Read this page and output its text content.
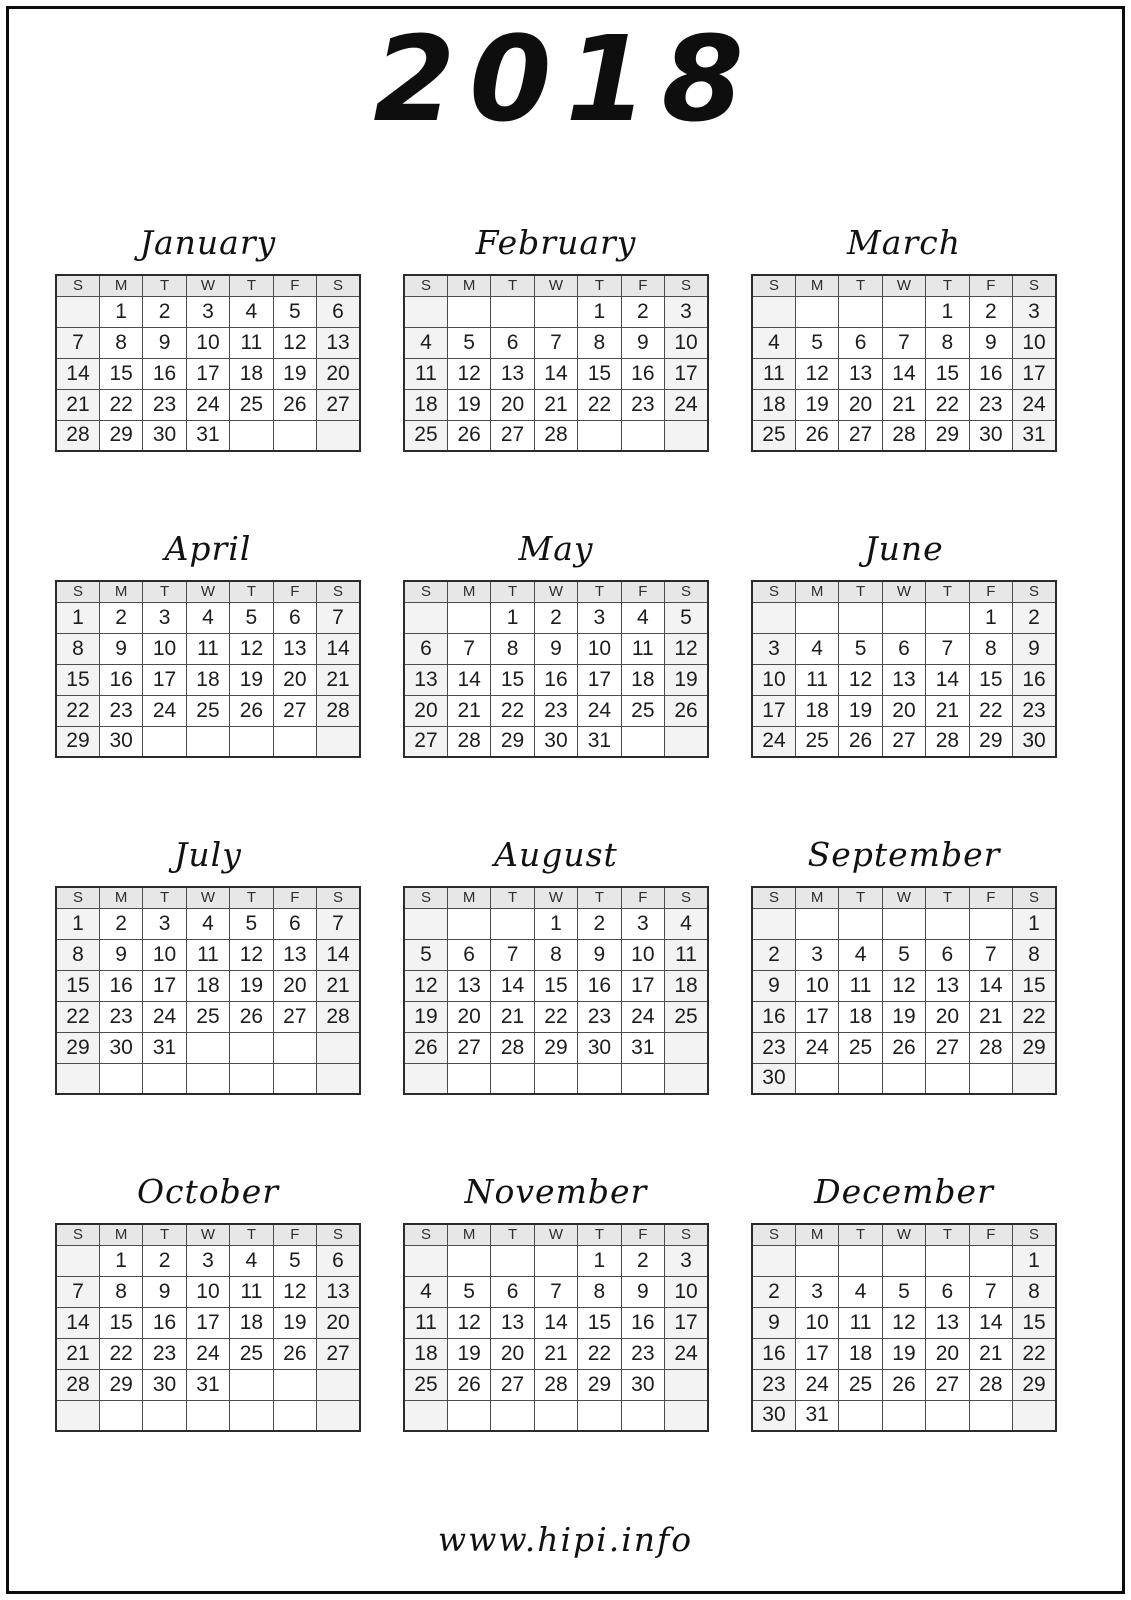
2018
January
S	M	T	W	T	F	S
	1	2	3	4	5	6
7	8	9	10	11	12	13
14	15	16	17	18	19	20
21	22	23	24	25	26	27
28	29	30	31			
February
S	M	T	W	T	F	S
				1	2	3
4	5	6	7	8	9	10
11	12	13	14	15	16	17
18	19	20	21	22	23	24
25	26	27	28			
March
S	M	T	W	T	F	S
				1	2	3
4	5	6	7	8	9	10
11	12	13	14	15	16	17
18	19	20	21	22	23	24
25	26	27	28	29	30	31
April
S	M	T	W	T	F	S
1	2	3	4	5	6	7
8	9	10	11	12	13	14
15	16	17	18	19	20	21
22	23	24	25	26	27	28
29	30					
May
S	M	T	W	T	F	S
		1	2	3	4	5
6	7	8	9	10	11	12
13	14	15	16	17	18	19
20	21	22	23	24	25	26
27	28	29	30	31		
June
S	M	T	W	T	F	S
					1	2
3	4	5	6	7	8	9
10	11	12	13	14	15	16
17	18	19	20	21	22	23
24	25	26	27	28	29	30
July
S	M	T	W	T	F	S
1	2	3	4	5	6	7
8	9	10	11	12	13	14
15	16	17	18	19	20	21
22	23	24	25	26	27	28
29	30	31				

August
S	M	T	W	T	F	S
			1	2	3	4
5	6	7	8	9	10	11
12	13	14	15	16	17	18
19	20	21	22	23	24	25
26	27	28	29	30	31	

September
S	M	T	W	T	F	S
						1
2	3	4	5	6	7	8
9	10	11	12	13	14	15
16	17	18	19	20	21	22
23	24	25	26	27	28	29
30						
October
S	M	T	W	T	F	S
	1	2	3	4	5	6
7	8	9	10	11	12	13
14	15	16	17	18	19	20
21	22	23	24	25	26	27
28	29	30	31			

November
S	M	T	W	T	F	S
				1	2	3
4	5	6	7	8	9	10
11	12	13	14	15	16	17
18	19	20	21	22	23	24
25	26	27	28	29	30	

December
S	M	T	W	T	F	S
						1
2	3	4	5	6	7	8
9	10	11	12	13	14	15
16	17	18	19	20	21	22
23	24	25	26	27	28	29
30	31					
www.hipi.info
